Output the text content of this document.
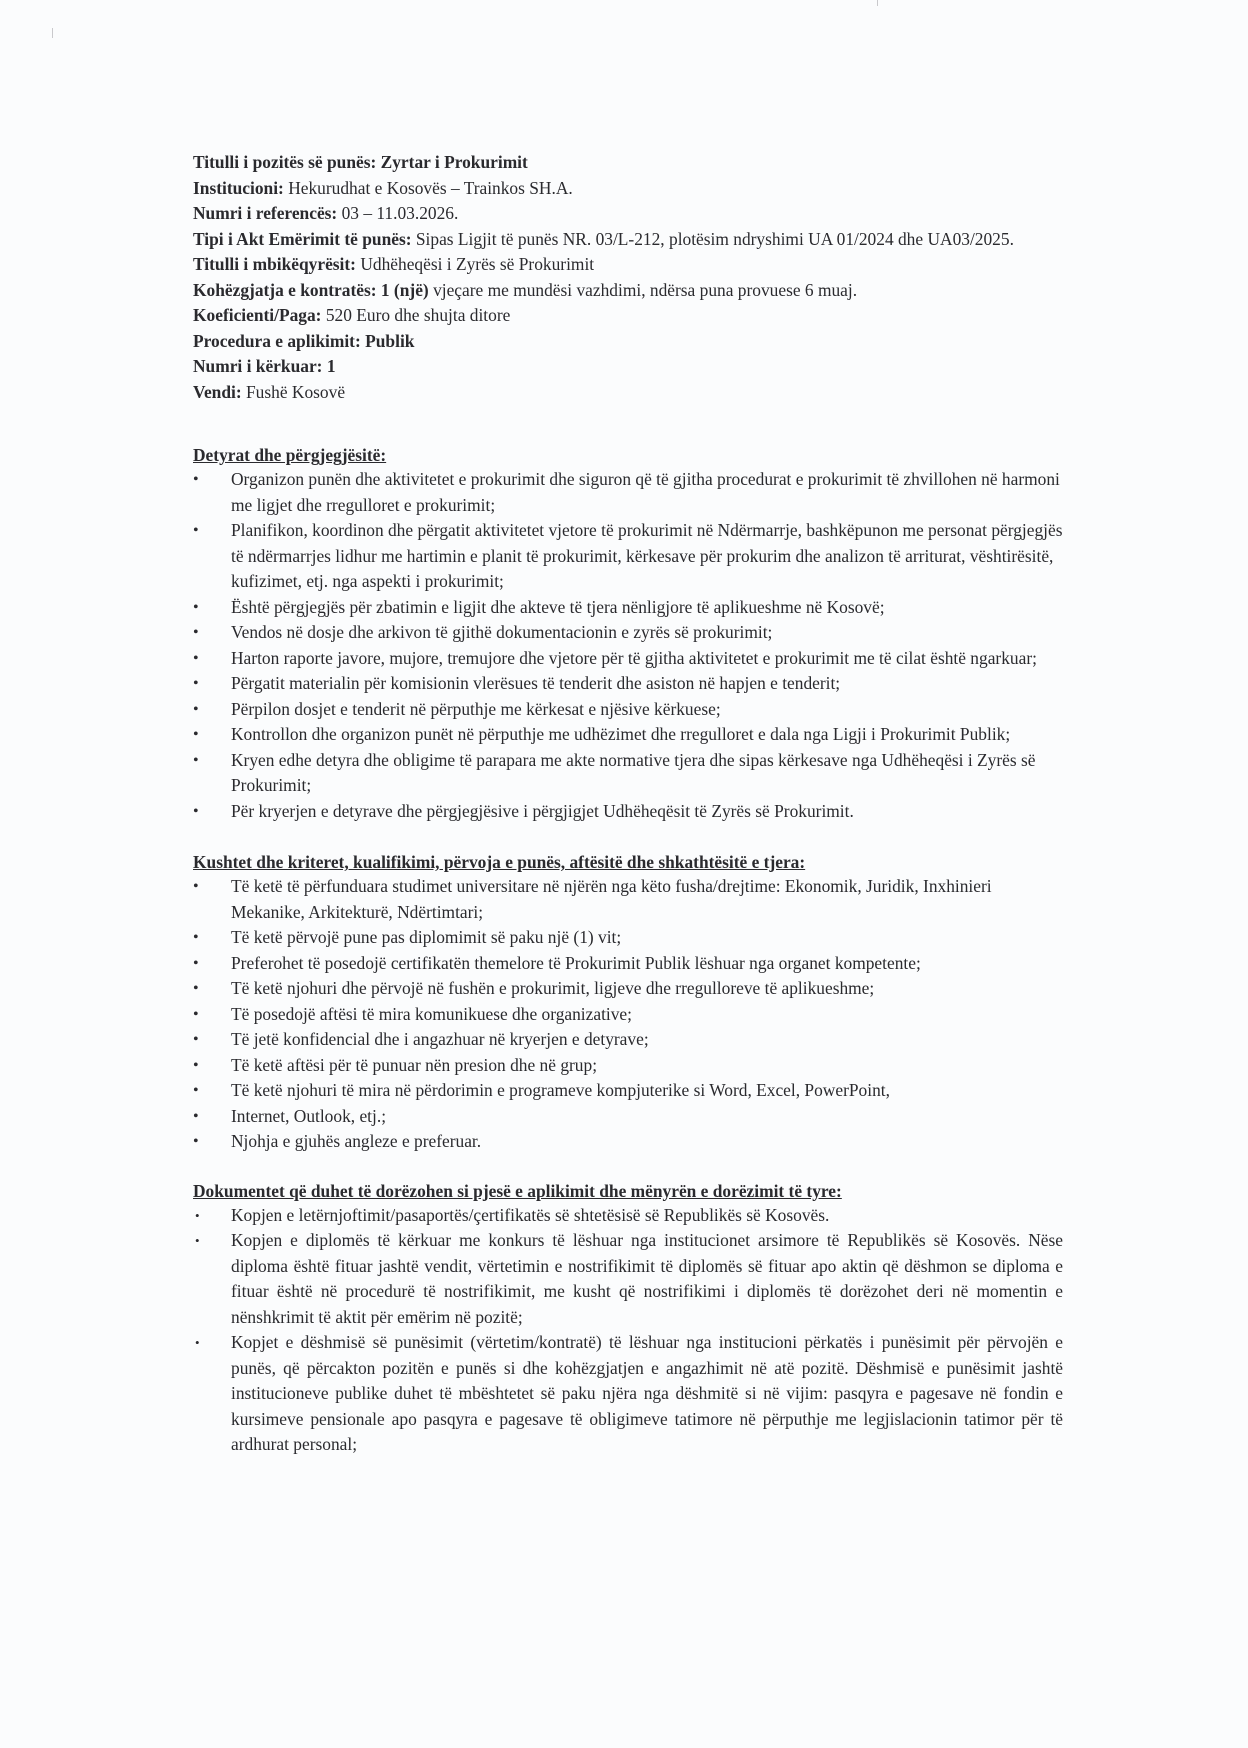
Titulli i pozitës së punës: Zyrtar i Prokurimit
Institucioni: Hekurudhat e Kosovës – Trainkos SH.A.
Numri i referencës: 03 – 11.03.2026.
Tipi i Akt Emërimit të punës: Sipas Ligjit të punës NR. 03/L-212, plotësim ndryshimi UA 01/2024 dhe UA03/2025.
Titulli i mbikëqyrësit: Udhëheqësi i Zyrës së Prokurimit
Kohëzgjatja e kontratës: 1 (një) vjeçare me mundësi vazhdimi, ndërsa puna provuese 6 muaj.
Koeficienti/Paga: 520 Euro dhe shujta ditore
Procedura e aplikimit: Publik
Numri i kërkuar: 1
Vendi: Fushë Kosovë
Detyrat dhe përgjegjësitë:
• Organizon punën dhe aktivitetet e prokurimit dhe siguron që të gjitha procedurat e prokurimit të zhvillohen në harmoni me ligjet dhe rregulloret e prokurimit;
• Planifikon, koordinon dhe përgatit aktivitetet vjetore të prokurimit në Ndërmarrje, bashkëpunon me personat përgjegjës të ndërmarrjes lidhur me hartimin e planit të prokurimit, kërkesave për prokurim dhe analizon të arriturat, vështirësitë, kufizimet, etj. nga aspekti i prokurimit;
• Është përgjegjës për zbatimin e ligjit dhe akteve të tjera nënligjore të aplikueshme në Kosovë;
• Vendos në dosje dhe arkivon të gjithë dokumentacionin e zyrës së prokurimit;
• Harton raporte javore, mujore, tremujore dhe vjetore për të gjitha aktivitetet e prokurimit me të cilat është ngarkuar;
• Përgatit materialin për komisionin vlerësues të tenderit dhe asiston në hapjen e tenderit;
• Përpilon dosjet e tenderit në përputhje me kërkesat e njësive kërkuese;
• Kontrollon dhe organizon punët në përputhje me udhëzimet dhe rregulloret e dala nga Ligji i Prokurimit Publik;
• Kryen edhe detyra dhe obligime të parapara me akte normative tjera dhe sipas kërkesave nga Udhëheqësi i Zyrës së Prokurimit;
• Për kryerjen e detyrave dhe përgjegjësive i përgjigjet Udhëheqësit të Zyrës së Prokurimit.
Kushtet dhe kriteret, kualifikimi, përvoja e punës, aftësitë dhe shkathtësitë e tjera:
• Të ketë të përfunduara studimet universitare në njërën nga këto fusha/drejtime: Ekonomik, Juridik, Inxhinieri Mekanike, Arkitekturë, Ndërtimtari;
• Të ketë përvojë pune pas diplomimit së paku një (1) vit;
• Preferohet të posedojë certifikatën themelore të Prokurimit Publik lëshuar nga organet kompetente;
• Të ketë njohuri dhe përvojë në fushën e prokurimit, ligjeve dhe rregulloreve të aplikueshme;
• Të posedojë aftësi të mira komunikuese dhe organizative;
• Të jetë konfidencial dhe i angazhuar në kryerjen e detyrave;
• Të ketë aftësi për të punuar nën presion dhe në grup;
• Të ketë njohuri të mira në përdorimin e programeve kompjuterike si Word, Excel, PowerPoint,
• Internet, Outlook, etj.;
• Njohja e gjuhës angleze e preferuar.
Dokumentet që duhet të dorëzohen si pjesë e aplikimit dhe mënyrën e dorëzimit të tyre:
• Kopjen e letërnjoftimit/pasaportës/çertifikatës së shtetësisë së Republikës së Kosovës.
• Kopjen e diplomës të kërkuar me konkurs të lëshuar nga institucionet arsimore të Republikës së Kosovës. Nëse diploma është fituar jashtë vendit, vërtetimin e nostrifikimit të diplomës së fituar apo aktin që dëshmon se diploma e fituar është në procedurë të nostrifikimit, me kusht që nostrifikimi i diplomës të dorëzohet deri në momentin e nënshkrimit të aktit për emërim në pozitë;
• Kopjet e dëshmisë së punësimit (vërtetim/kontratë) të lëshuar nga institucioni përkatës i punësimit për përvojën e punës, që përcakton pozitën e punës si dhe kohëzgjatjen e angazhimit në atë pozitë. Dëshmisë e punësimit jashtë institucioneve publike duhet të mbështetet së paku njëra nga dëshmitë si në vijim: pasqyra e pagesave në fondin e kursimeve pensionale apo pasqyra e pagesave të obligimeve tatimore në përputhje me legjislacionin tatimor për të ardhurat personal;
